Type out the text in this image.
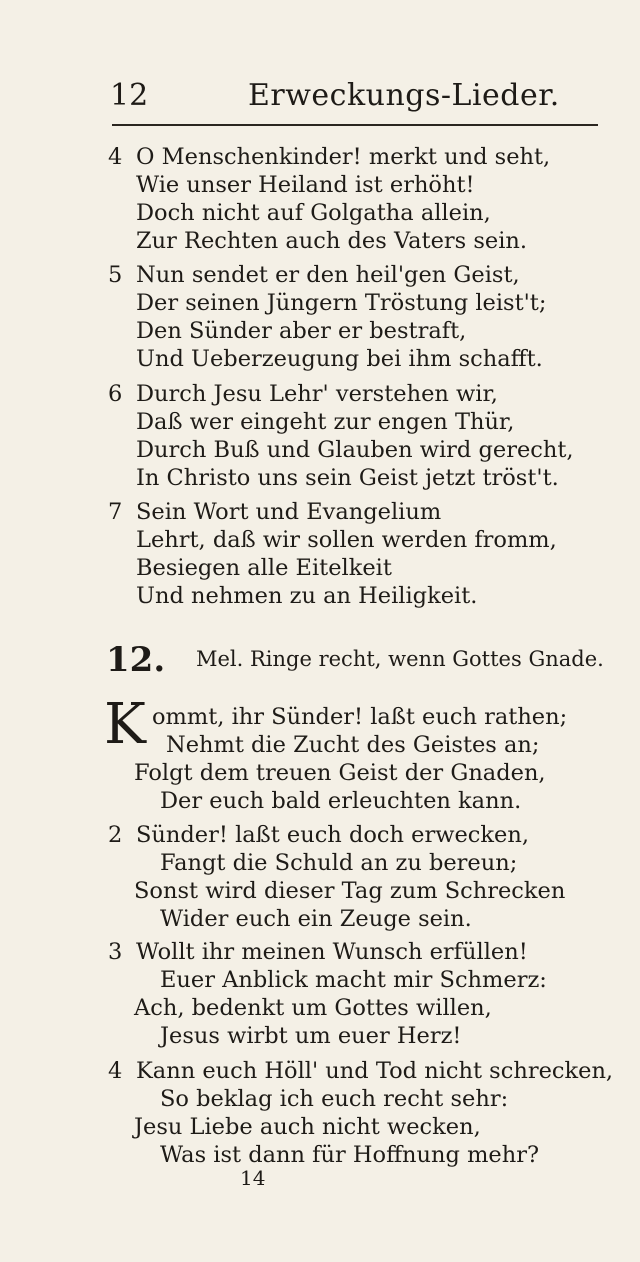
12	Erweckungs-Lieder.
4 O Menschenkinder! merkt und seht,
Wie unser Heiland ist erhöht!
Doch nicht auf Golgatha allein,
Zur Rechten auch des Vaters sein.
5 Nun sendet er den heil'gen Geist,
Der seinen Jüngern Tröstung leist't;
Den Sünder aber er bestraft,
Und Ueberzeugung bei ihm schafft.
6 Durch Jesu Lehr' verstehen wir,
Daß wer eingeht zur engen Thür,
Durch Buß und Glauben wird gerecht,
In Christo uns sein Geist jetzt tröst't.
7 Sein Wort und Evangelium
Lehrt, daß wir sollen werden fromm,
Besiegen alle Eitelkeit
Und nehmen zu an Heiligkeit.
12. Mel. Ringe recht, wenn Gottes Gnade.
K ommt, ihr Sünder! laßt euch rathen;
Nehmt die Zucht des Geistes an;
Folgt dem treuen Geist der Gnaden,
Der euch bald erleuchten kann.
2 Sünder! laßt euch doch erwecken,
Fangt die Schuld an zu bereun;
Sonst wird dieser Tag zum Schrecken
Wider euch ein Zeuge sein.
3 Wollt ihr meinen Wunsch erfüllen!
Euer Anblick macht mir Schmerz:
Ach, bedenkt um Gottes willen,
Jesus wirbt um euer Herz!
4 Kann euch Höll' und Tod nicht schrecken,
So beklag ich euch recht sehr:
Jesu Liebe auch nicht wecken,
Was ist dann für Hoffnung mehr?
14
